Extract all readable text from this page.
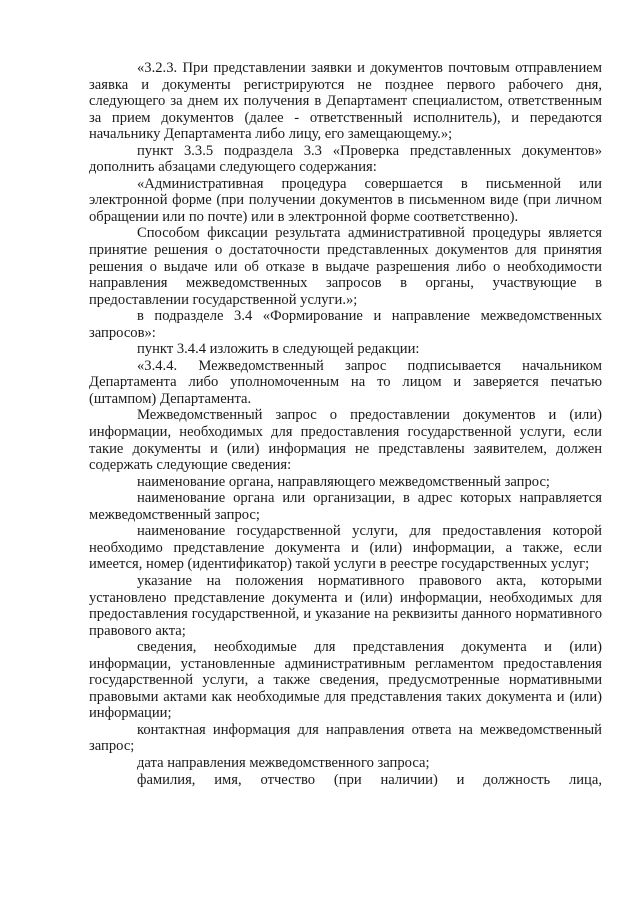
«3.2.3. При представлении заявки и документов почтовым отправлением заявка и документы регистрируются не позднее первого рабочего дня, следующего за днем их получения в Департамент специалистом, ответственным за прием документов (далее - ответственный исполнитель), и передаются начальнику Департамента либо лицу, его замещающему.»;

пункт 3.3.5 подраздела 3.3 «Проверка представленных документов» дополнить абзацами следующего содержания:

«Административная процедура совершается в письменной или электронной форме (при получении документов в письменном виде (при личном обращении или по почте) или в электронной форме соответственно).

Способом фиксации результата административной процедуры является принятие решения о достаточности представленных документов для принятия решения о выдаче или об отказе в выдаче разрешения либо о необходимости направления межведомственных запросов в органы, участвующие в предоставлении государственной услуги.»;

в подразделе 3.4 «Формирование и направление межведомственных запросов»:

пункт 3.4.4 изложить в следующей редакции:

«3.4.4. Межведомственный запрос подписывается начальником Департамента либо уполномоченным на то лицом и заверяется печатью (штампом) Департамента.

Межведомственный запрос о предоставлении документов и (или) информации, необходимых для предоставления государственной услуги, если такие документы и (или) информация не представлены заявителем, должен содержать следующие сведения:

наименование органа, направляющего межведомственный запрос;

наименование органа или организации, в адрес которых направляется межведомственный запрос;

наименование государственной услуги, для предоставления которой необходимо представление документа и (или) информации, а также, если имеется, номер (идентификатор) такой услуги в реестре государственных услуг;

указание на положения нормативного правового акта, которыми установлено представление документа и (или) информации, необходимых для предоставления государственной, и указание на реквизиты данного нормативного правового акта;

сведения, необходимые для представления документа и (или) информации, установленные административным регламентом предоставления государственной услуги, а также сведения, предусмотренные нормативными правовыми актами как необходимые для представления таких документа и (или) информации;

контактная информация для направления ответа на межведомственный запрос;

дата направления межведомственного запроса;

фамилия, имя, отчество (при наличии) и должность лица,
